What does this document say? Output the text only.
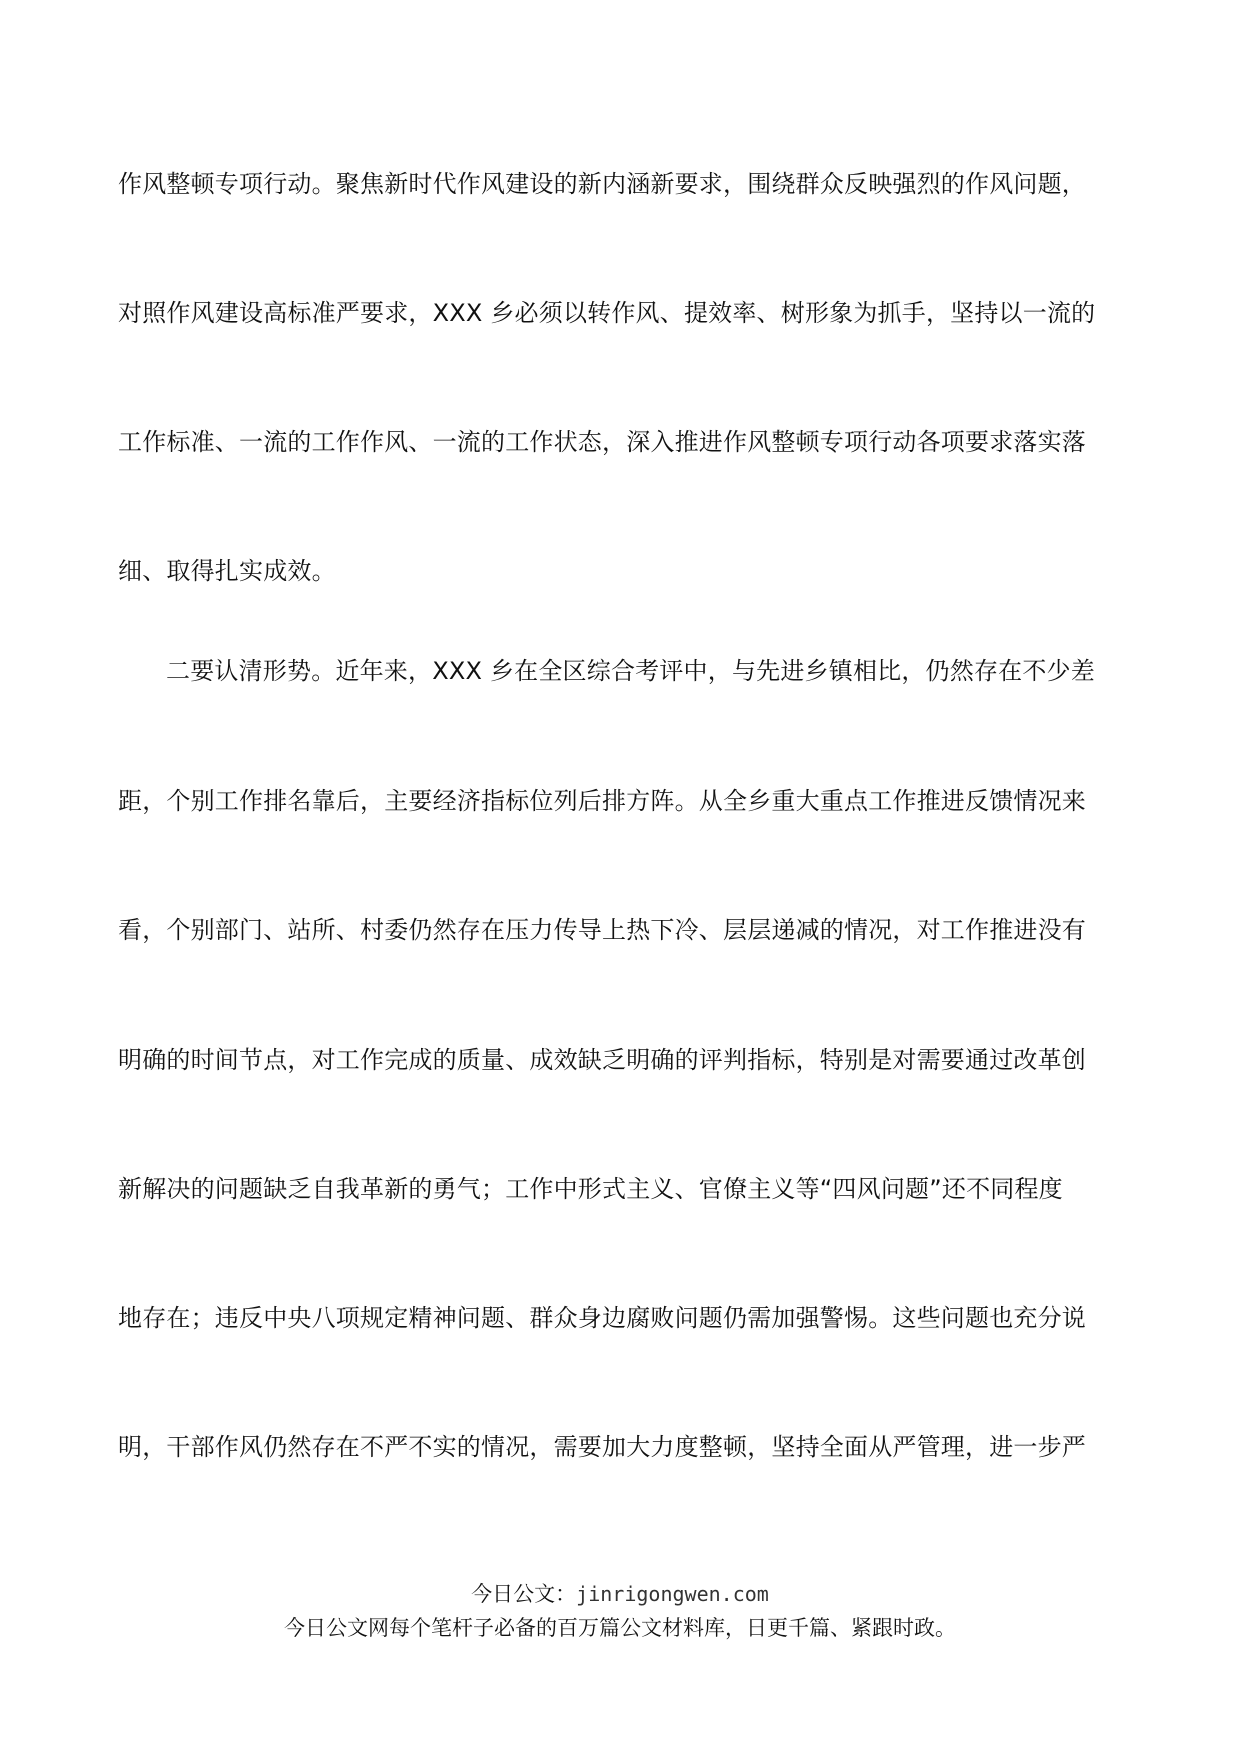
作风整顿专项行动。聚焦新时代作风建设的新内涵新要求，围绕群众反映强烈的作风问题，
对照作风建设高标准严要求，XXX 乡必须以转作风、提效率、树形象为抓手，坚持以一流的
工作标准、一流的工作作风、一流的工作状态，深入推进作风整顿专项行动各项要求落实落
细、取得扎实成效。
二要认清形势。近年来，XXX 乡在全区综合考评中，与先进乡镇相比，仍然存在不少差
距，个别工作排名靠后，主要经济指标位列后排方阵。从全乡重大重点工作推进反馈情况来
看，个别部门、站所、村委仍然存在压力传导上热下冷、层层递减的情况，对工作推进没有
明确的时间节点，对工作完成的质量、成效缺乏明确的评判指标，特别是对需要通过改革创
新解决的问题缺乏自我革新的勇气；工作中形式主义、官僚主义等“四风问题”还不同程度
地存在；违反中央八项规定精神问题、群众身边腐败问题仍需加强警惕。这些问题也充分说
明，干部作风仍然存在不严不实的情况，需要加大力度整顿，坚持全面从严管理，进一步严
今日公文：jinrigongwen.com
今日公文网每个笔杆子必备的百万篇公文材料库，日更千篇、紧跟时政。
